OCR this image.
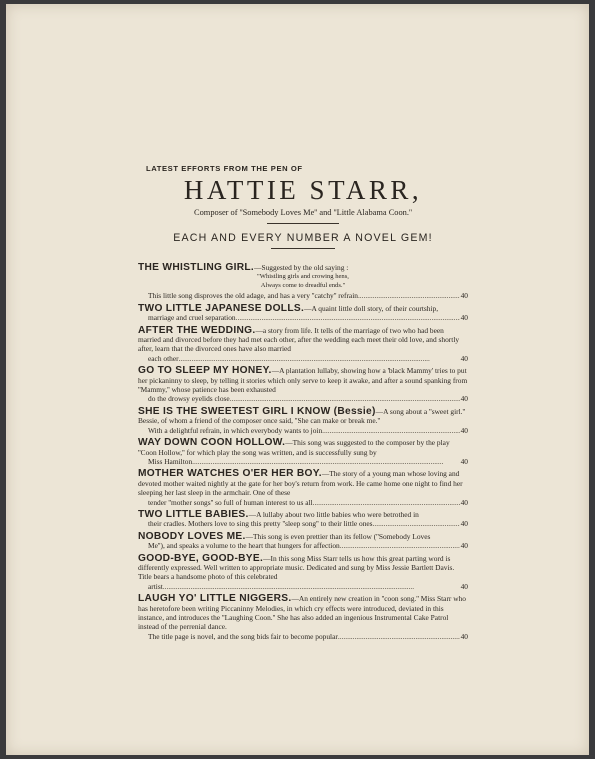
LATEST EFFORTS FROM THE PEN OF
HATTIE STARR,
Composer of ''Somebody Loves Me'' and ''Little Alabama Coon.''
EACH AND EVERY NUMBER A NOVEL GEM!
THE WHISTLING GIRL.—Suggested by the old saying :
"Whistling girls and crowing hens,
Always come to dreadful ends."
This little song disproves the old adage, and has a very ''catchy'' refrain .....	40
TWO LITTLE JAPANESE DOLLS.—A quaint little doll story, of their courtship,
marriage and cruel separation .....	40
AFTER THE WEDDING.—a story from life. It tells of the marriage of two who had been married and divorced before they had met each other, after the wedding each meet their old love, and shortly after, learn that the divorced ones have also married
each other .....	40
GO TO SLEEP MY HONEY.—A plantation lullaby, showing how a 'black Mammy' tries to put her pickaninny to sleep, by telling it stories which only serve to keep it awake, and after a sound spanking from ''Mammy,'' whose patience has been exhausted
do the drowsy eyelids close .....	40
SHE IS THE SWEETEST GIRL I KNOW (Bessie)—A song about a ''sweet girl.'' Bessie, of whom a friend of the composer once said, ''She can make or break me.''
With a delightful refrain, in which everybody wants to join .....	40
WAY DOWN COON HOLLOW.—This song was suggested to the composer by the play ''Coon Hollow,'' for which play the song was written, and is successfully sung by
Miss Hamilton .....	40
MOTHER WATCHES O'ER HER BOY.—The story of a young man whose loving and devoted mother waited nightly at the gate for her boy's return from work. He came home one night to find her sleeping her last sleep in the armchair. One of these
tender ''mother songs'' so full of human interest to us all .....	40
TWO LITTLE BABIES.—A lullaby about two little babies who were betrothed in
their cradles. Mothers love to sing this pretty ''sleep song'' to their little ones .....	40
NOBODY LOVES ME.—This song is even prettier than its fellow (''Somebody Loves
Me''), and speaks a volume to the heart that hungers for affection .....	40
GOOD-BYE, GOOD-BYE.—In this song Miss Starr tells us how this great parting word is differently expressed. Well written to appropriate music. Dedicated and sung by Miss Jessie Bartlett Davis. Title bears a handsome photo of this celebrated
artist .....	40
LAUGH YO' LITTLE NIGGERS.—An entirely new creation in ''coon song.'' Miss Starr who has heretofore been writing Piccaninny Melodies, in which cry effects were introduced, deviated in this instance, and introduces the ''Laughing Coon.'' She has also added an ingenious Instrumental Cake Patrol instead of the perrenial dance.
The title page is novel, and the song bids fair to become popular .....	40
